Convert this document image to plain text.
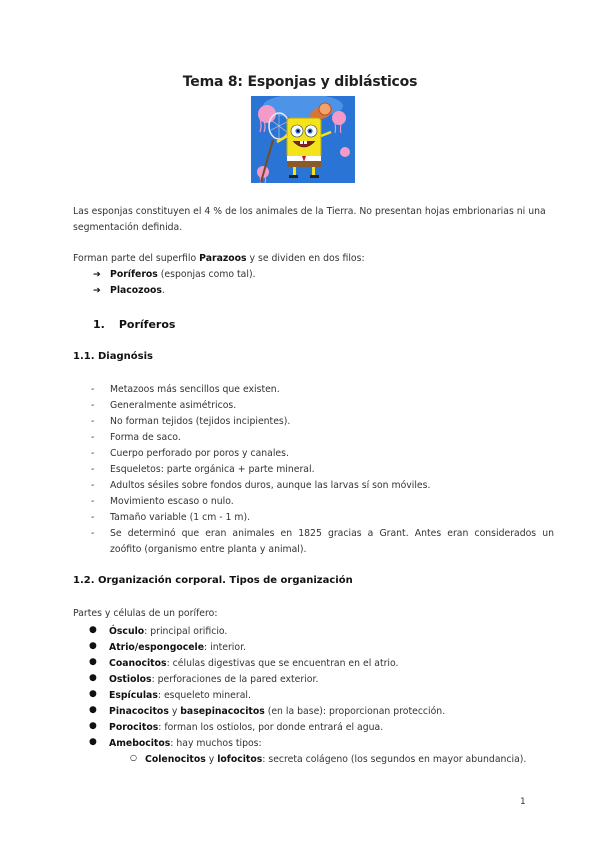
Tema 8: Esponjas y diblásticos
Las esponjas constituyen el 4 % de los animales de la Tierra. No presentan hojas embrionarias ni una
segmentación definida.
Forman parte del superfilo Parazoos y se dividen en dos filos:
➔ Poríferos (esponjas como tal).
➔ Placozoos.
1. Poríferos
1.1. Diagnósis
- Metazoos más sencillos que existen.
- Generalmente asimétricos.
- No forman tejidos (tejidos incipientes).
- Forma de saco.
- Cuerpo perforado por poros y canales.
- Esqueletos: parte orgánica + parte mineral.
- Adultos sésiles sobre fondos duros, aunque las larvas sí son móviles.
- Movimiento escaso o nulo.
- Tamaño variable (1 cm - 1 m).
- Se determinó que eran animales en 1825 gracias a Grant. Antes eran considerados un
zoófito (organismo entre planta y animal).
1.2. Organización corporal. Tipos de organización
Partes y células de un porífero:
● Ósculo: principal orificio.
● Atrio/espongocele: interior.
● Coanocitos: células digestivas que se encuentran en el atrio.
● Ostiolos: perforaciones de la pared exterior.
● Espículas: esqueleto mineral.
● Pinacocitos y basepinacocitos (en la base): proporcionan protección.
● Porocitos: forman los ostiolos, por donde entrará el agua.
● Amebocitos: hay muchos tipos:
○ Colenocitos y lofocitos: secreta colágeno (los segundos en mayor abundancia).
1
